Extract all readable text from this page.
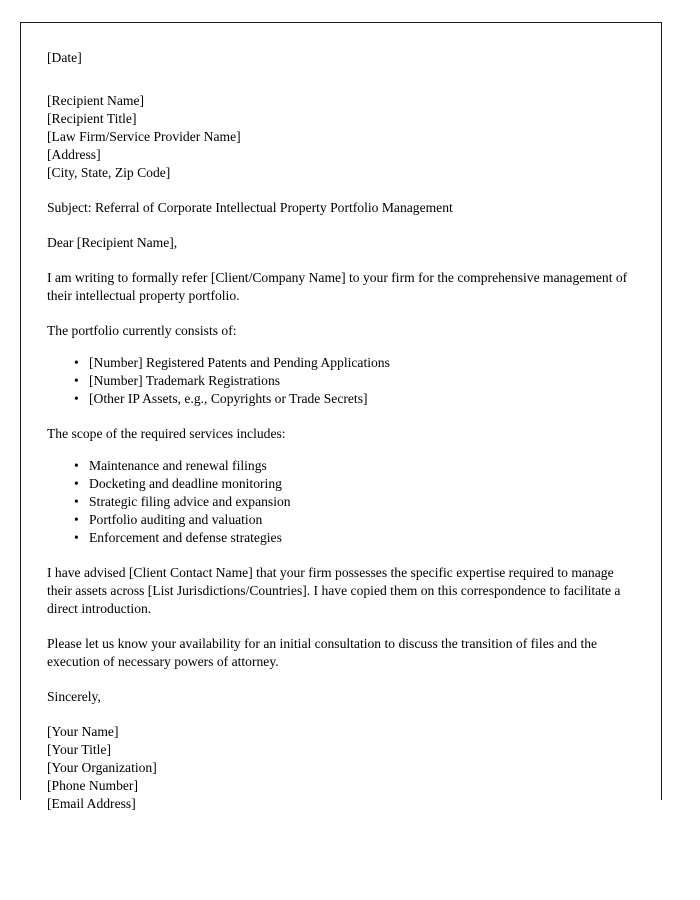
[Date]

[Recipient Name]

[Recipient Title]

[Law Firm/Service Provider Name]

[Address]

[City, State, Zip Code]

Subject: Referral of Corporate Intellectual Property Portfolio Management

Dear [Recipient Name],

I am writing to formally refer [Client/Company Name] to your firm for the comprehensive management of their intellectual property portfolio.

The portfolio currently consists of:

• [Number] Registered Patents and Pending Applications
• [Number] Trademark Registrations
• [Other IP Assets, e.g., Copyrights or Trade Secrets]

The scope of the required services includes:

• Maintenance and renewal filings
• Docketing and deadline monitoring
• Strategic filing advice and expansion
• Portfolio auditing and valuation
• Enforcement and defense strategies

I have advised [Client Contact Name] that your firm possesses the specific expertise required to manage their assets across [List Jurisdictions/Countries]. I have copied them on this correspondence to facilitate a direct introduction.

Please let us know your availability for an initial consultation to discuss the transition of files and the execution of necessary powers of attorney.

Sincerely,

[Your Name]

[Your Title]

[Your Organization]

[Phone Number]

[Email Address]
